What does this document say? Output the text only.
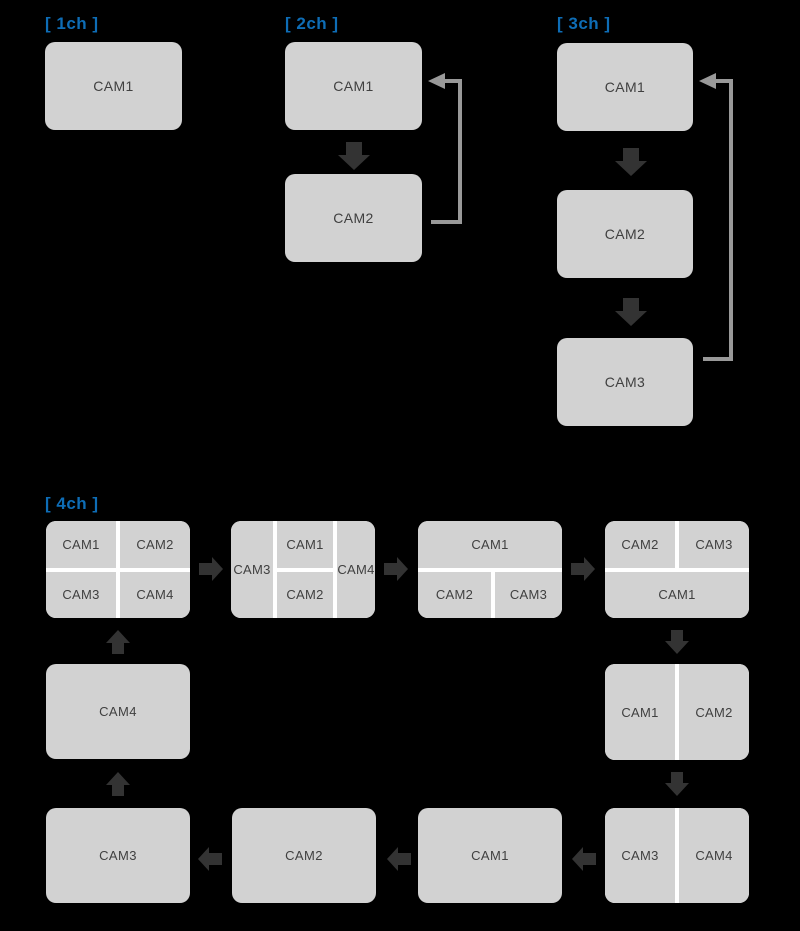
[ 1ch ]
CAM1
[ 2ch ]
CAM1
CAM2
[ 3ch ]
CAM1
CAM2
CAM3
[ 4ch ]
CAM1	CAM2
CAM3	CAM4
CAM3
CAM1
CAM2
CAM4
CAM1
CAM2	CAM3
CAM2	CAM3
CAM1
CAM1	CAM2
CAM3	CAM4
CAM1
CAM2
CAM3
CAM4
